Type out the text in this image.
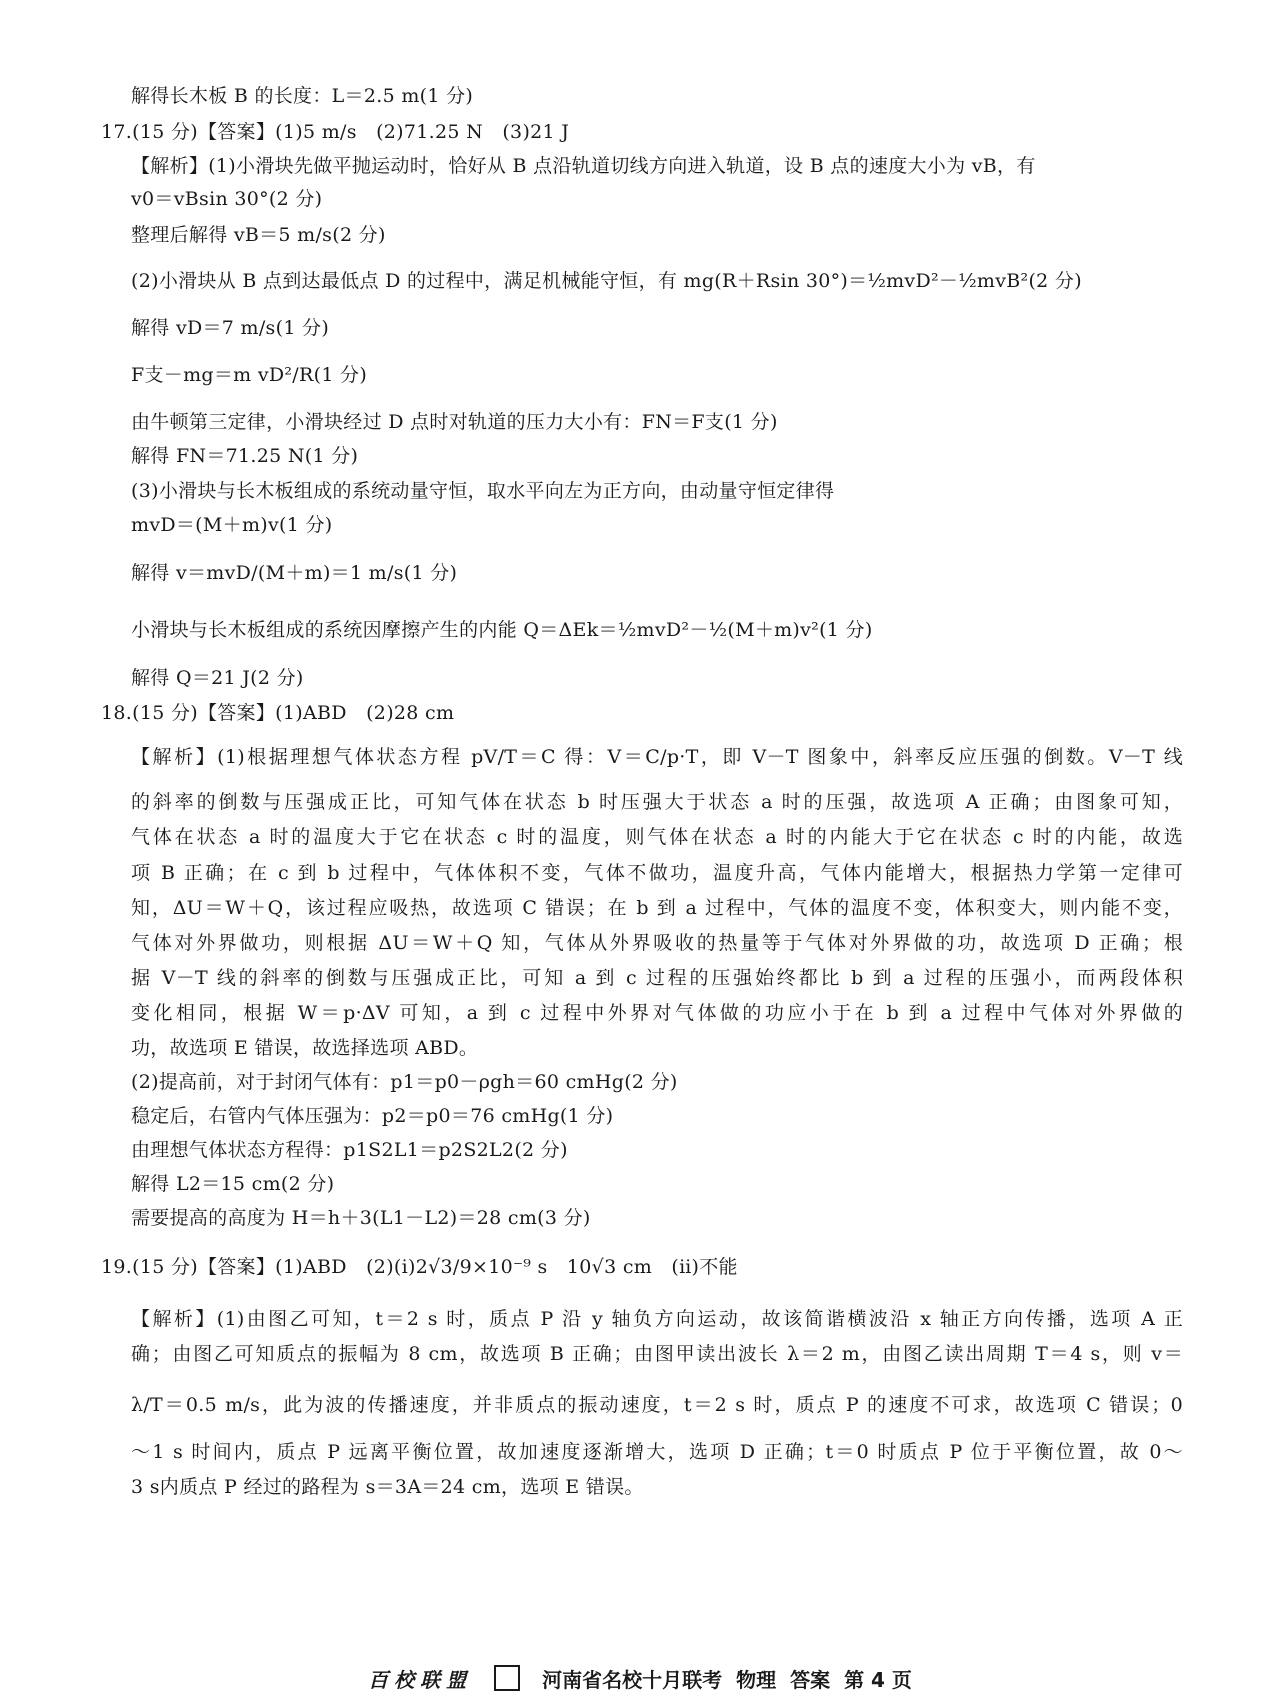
解得长木板 B 的长度：L＝2.5 m(1 分)
17.(15 分)【答案】(1)5 m/s　(2)71.25 N　(3)21 J
【解析】(1)小滑块先做平抛运动时，恰好从 B 点沿轨道切线方向进入轨道，设 B 点的速度大小为 vB，有
v0＝vBsin 30°(2 分)
整理后解得 vB＝5 m/s(2 分)
(2)小滑块从 B 点到达最低点 D 的过程中，满足机械能守恒，有 mg(R＋Rsin 30°)＝½mvD²－½mvB²(2 分)
解得 vD＝7 m/s(1 分)
F支－mg＝m vD²/R(1 分)
由牛顿第三定律，小滑块经过 D 点时对轨道的压力大小有：FN＝F支(1 分)
解得 FN＝71.25 N(1 分)
(3)小滑块与长木板组成的系统动量守恒，取水平向左为正方向，由动量守恒定律得
mvD＝(M＋m)v(1 分)
解得 v＝mvD/(M＋m)＝1 m/s(1 分)
小滑块与长木板组成的系统因摩擦产生的内能 Q＝ΔEk＝½mvD²－½(M＋m)v²(1 分)
解得 Q＝21 J(2 分)
18.(15 分)【答案】(1)ABD　(2)28 cm
【解析】(1)根据理想气体状态方程 pV/T＝C 得：V＝C/p·T，即 V－T 图象中，斜率反应压强的倒数。V－T 线
的斜率的倒数与压强成正比，可知气体在状态 b 时压强大于状态 a 时的压强，故选项 A 正确；由图象可知，
气体在状态 a 时的温度大于它在状态 c 时的温度，则气体在状态 a 时的内能大于它在状态 c 时的内能，故选
项 B 正确；在 c 到 b 过程中，气体体积不变，气体不做功，温度升高，气体内能增大，根据热力学第一定律可
知，ΔU＝W＋Q，该过程应吸热，故选项 C 错误；在 b 到 a 过程中，气体的温度不变，体积变大，则内能不变，
气体对外界做功，则根据 ΔU＝W＋Q 知，气体从外界吸收的热量等于气体对外界做的功，故选项 D 正确；根
据 V－T 线的斜率的倒数与压强成正比，可知 a 到 c 过程的压强始终都比 b 到 a 过程的压强小，而两段体积
变化相同，根据 W＝p·ΔV 可知，a 到 c 过程中外界对气体做的功应小于在 b 到 a 过程中气体对外界做的
功，故选项 E 错误，故选择选项 ABD。
(2)提高前，对于封闭气体有：p1＝p0－ρgh＝60 cmHg(2 分)
稳定后，右管内气体压强为：p2＝p0＝76 cmHg(1 分)
由理想气体状态方程得：p1S2L1＝p2S2L2(2 分)
解得 L2＝15 cm(2 分)
需要提高的高度为 H＝h＋3(L1－L2)＝28 cm(3 分)
19.(15 分)【答案】(1)ABD　(2)(ⅰ)2√3/9×10⁻⁹ s　10√3 cm　(ⅱ)不能
【解析】(1)由图乙可知，t＝2 s 时，质点 P 沿 y 轴负方向运动，故该简谐横波沿 x 轴正方向传播，选项 A 正
确；由图乙可知质点的振幅为 8 cm，故选项 B 正确；由图甲读出波长 λ＝2 m，由图乙读出周期 T＝4 s，则 v＝
λ/T＝0.5 m/s，此为波的传播速度，并非质点的振动速度，t＝2 s 时，质点 P 的速度不可求，故选项 C 错误；0
～1 s 时间内，质点 P 远离平衡位置，故加速度逐渐增大，选项 D 正确；t＝0 时质点 P 位于平衡位置，故 0～
3 s内质点 P 经过的路程为 s＝3A＝24 cm，选项 E 错误。
百校联盟	河南省名校十月联考 物理 答案 第 4 页
